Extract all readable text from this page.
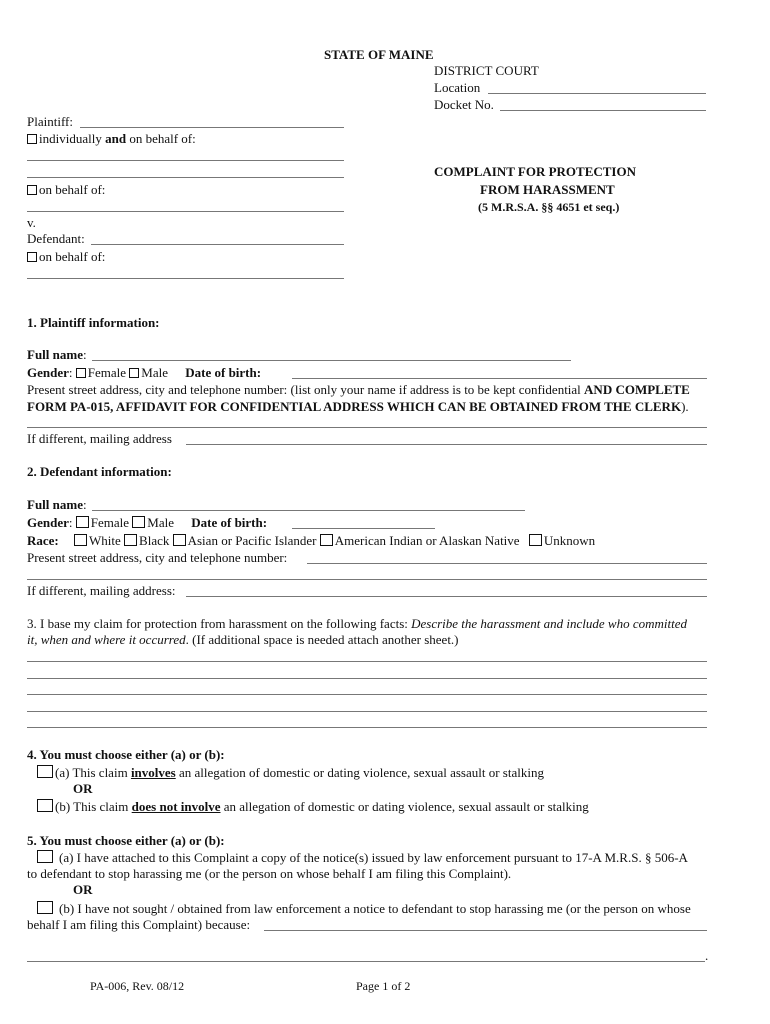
STATE OF MAINE
DISTRICT COURT
Location
Docket No.
Plaintiff:
individually and on behalf of:
on behalf of:
v.
Defendant:
on behalf of:
COMPLAINT FOR PROTECTION
FROM HARASSMENT
(5 M.R.S.A. §§ 4651 et seq.)
1. Plaintiff information:
Full name:
Gender: Female Male Date of birth:
Present street address, city and telephone number: (list only your name if address is to be kept confidential AND COMPLETE
FORM PA-015, AFFIDAVIT FOR CONFIDENTIAL ADDRESS WHICH CAN BE OBTAINED FROM THE CLERK).
If different, mailing address
2. Defendant information:
Full name:
Gender: Female Male Date of birth:
Race: White Black Asian or Pacific Islander American Indian or Alaskan Native Unknown
Present street address, city and telephone number:
If different, mailing address:
3. I base my claim for protection from harassment on the following facts: Describe the harassment and include who committed
it, when and where it occurred. (If additional space is needed attach another sheet.)
4. You must choose either (a) or (b):
(a) This claim involves an allegation of domestic or dating violence, sexual assault or stalking
OR
(b) This claim does not involve an allegation of domestic or dating violence, sexual assault or stalking
5. You must choose either (a) or (b):
(a) I have attached to this Complaint a copy of the notice(s) issued by law enforcement pursuant to 17-A M.R.S. § 506-A
to defendant to stop harassing me (or the person on whose behalf I am filing this Complaint).
OR
(b) I have not sought / obtained from law enforcement a notice to defendant to stop harassing me (or the person on whose
behalf I am filing this Complaint) because:
.
PA-006, Rev. 08/12	Page 1 of 2
